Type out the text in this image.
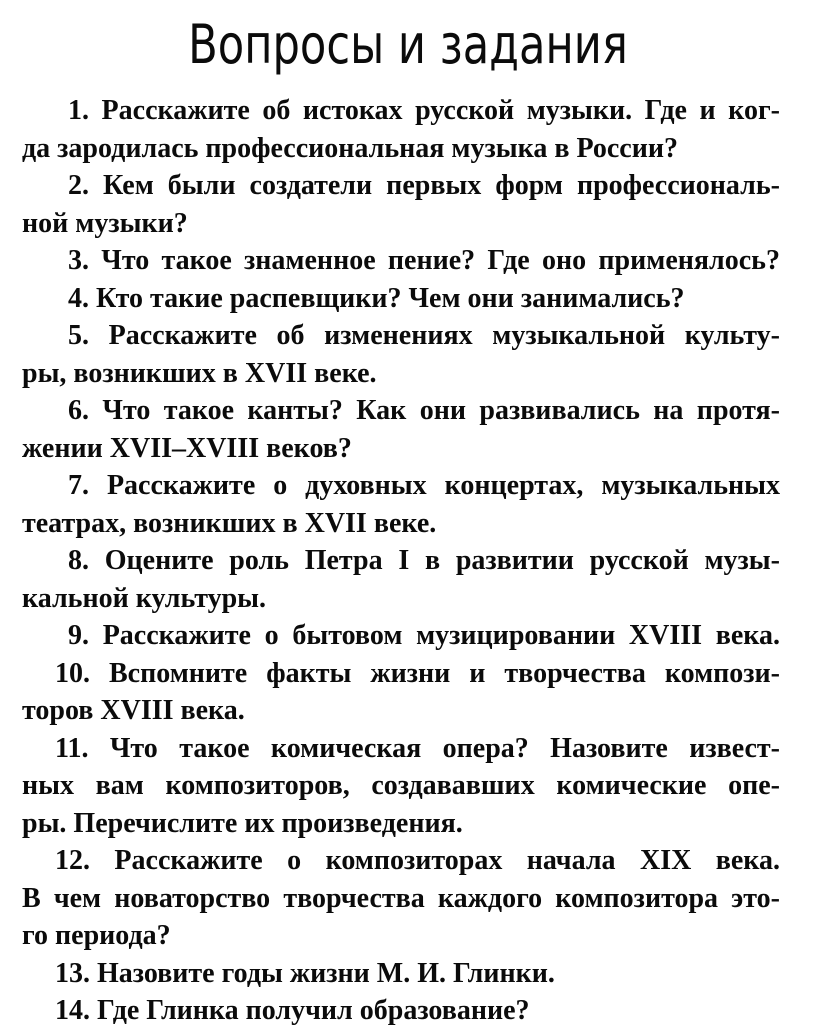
Вопросы и задания

1. Расскажите об истоках русской музыки. Где и ког-
да зародилась профессиональная музыка в России?

2. Кем были создатели первых форм профессиональ-
ной музыки?

3. Что такое знаменное пение? Где оно применялось?

4. Кто такие распевщики? Чем они занимались?

5. Расскажите об изменениях музыкальной культу-
ры, возникших в XVII веке.

6. Что такое канты? Как они развивались на протя-
жении XVII–XVIII веков?

7. Расскажите о духовных концертах, музыкальных
театрах, возникших в XVII веке.

8. Оцените роль Петра I в развитии русской музы-
кальной культуры.

9. Расскажите о бытовом музицировании XVIII века.

10. Вспомните факты жизни и творчества компози-
торов XVIII века.

11. Что такое комическая опера? Назовите извест-
ных вам композиторов, создававших комические опе-
ры. Перечислите их произведения.

12. Расскажите о композиторах начала XIX века.
В чем новаторство творчества каждого композитора это-
го периода?

13. Назовите годы жизни М. И. Глинки.

14. Где Глинка получил образование?
